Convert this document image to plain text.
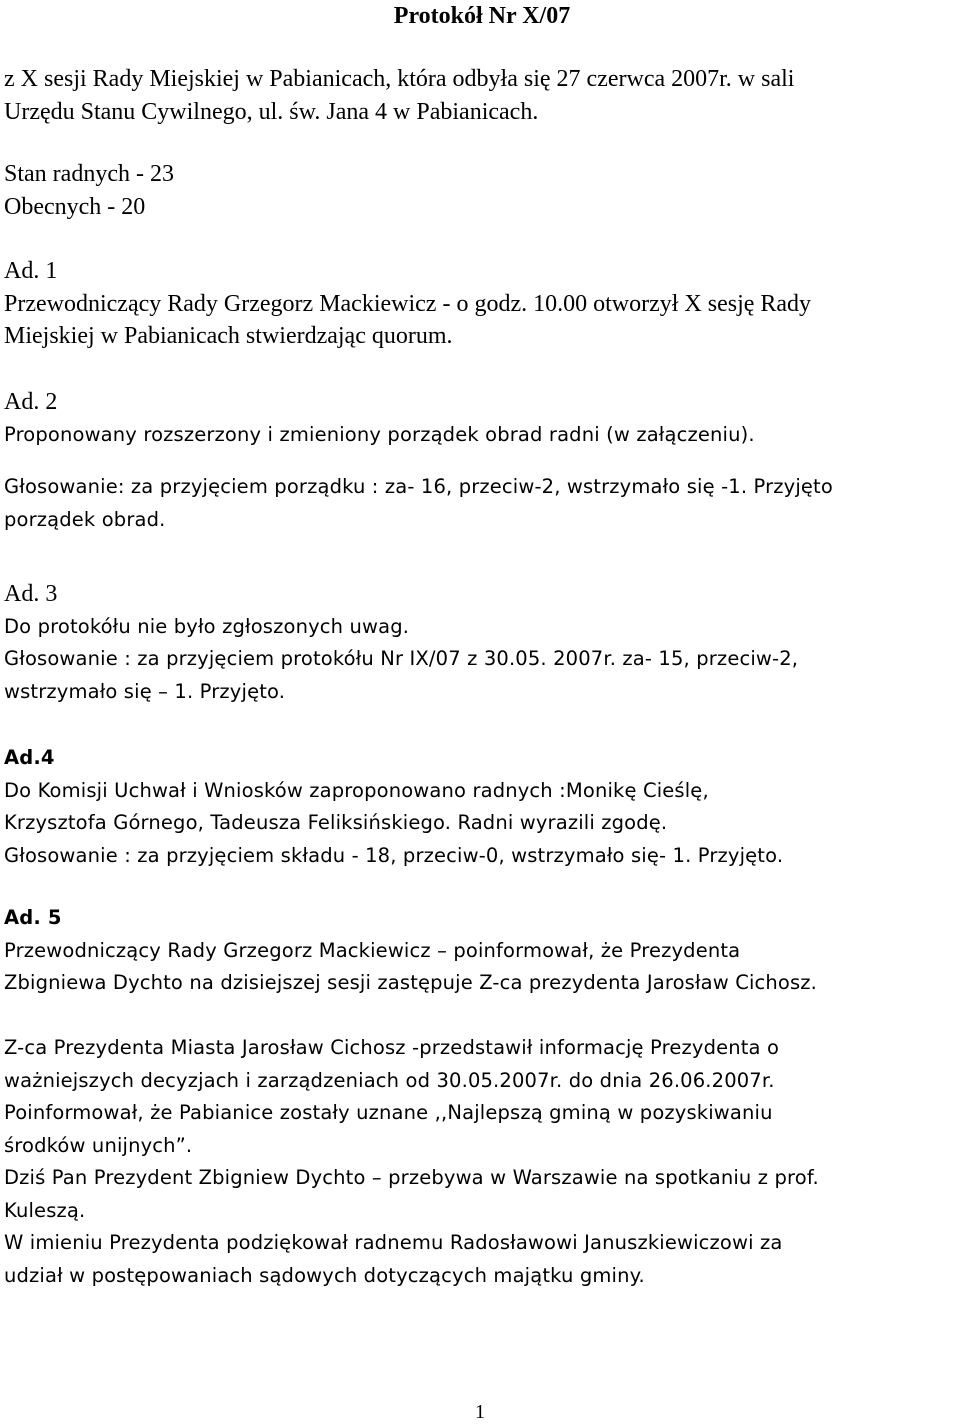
Protokół Nr X/07
z X sesji Rady Miejskiej w Pabianicach, która odbyła się 27 czerwca 2007r. w sali
Urzędu Stanu Cywilnego, ul. św. Jana 4 w Pabianicach.
Stan radnych - 23
Obecnych - 20
Ad. 1
Przewodniczący Rady Grzegorz Mackiewicz - o godz. 10.00 otworzył X sesję Rady
Miejskiej w Pabianicach stwierdzając quorum.
Ad. 2
Proponowany rozszerzony i zmieniony porządek obrad radni (w załączeniu).
Głosowanie: za przyjęciem porządku : za- 16, przeciw-2, wstrzymało się -1. Przyjęto
porządek obrad.
Ad. 3
Do protokółu nie było zgłoszonych uwag.
Głosowanie : za przyjęciem protokółu Nr IX/07 z 30.05. 2007r. za- 15, przeciw-2,
wstrzymało się – 1. Przyjęto.
Ad.4
Do Komisji Uchwał i Wniosków zaproponowano radnych :Monikę Cieślę,
Krzysztofa Górnego, Tadeusza Feliksińskiego. Radni wyrazili zgodę.
Głosowanie : za przyjęciem składu - 18, przeciw-0, wstrzymało się- 1. Przyjęto.
Ad. 5
Przewodniczący Rady Grzegorz Mackiewicz – poinformował, że Prezydenta
Zbigniewa Dychto na dzisiejszej sesji zastępuje Z-ca prezydenta Jarosław Cichosz.
Z-ca Prezydenta Miasta Jarosław Cichosz -przedstawił informację Prezydenta o
ważniejszych decyzjach i zarządzeniach od 30.05.2007r. do dnia 26.06.2007r.
Poinformował, że Pabianice zostały uznane ,,Najlepszą gminą w pozyskiwaniu
środków unijnych”.
Dziś Pan Prezydent Zbigniew Dychto – przebywa w Warszawie na spotkaniu z prof.
Kuleszą.
W imieniu Prezydenta podziękował radnemu Radosławowi Januszkiewiczowi za
udział w postępowaniach sądowych dotyczących majątku gminy.
1
